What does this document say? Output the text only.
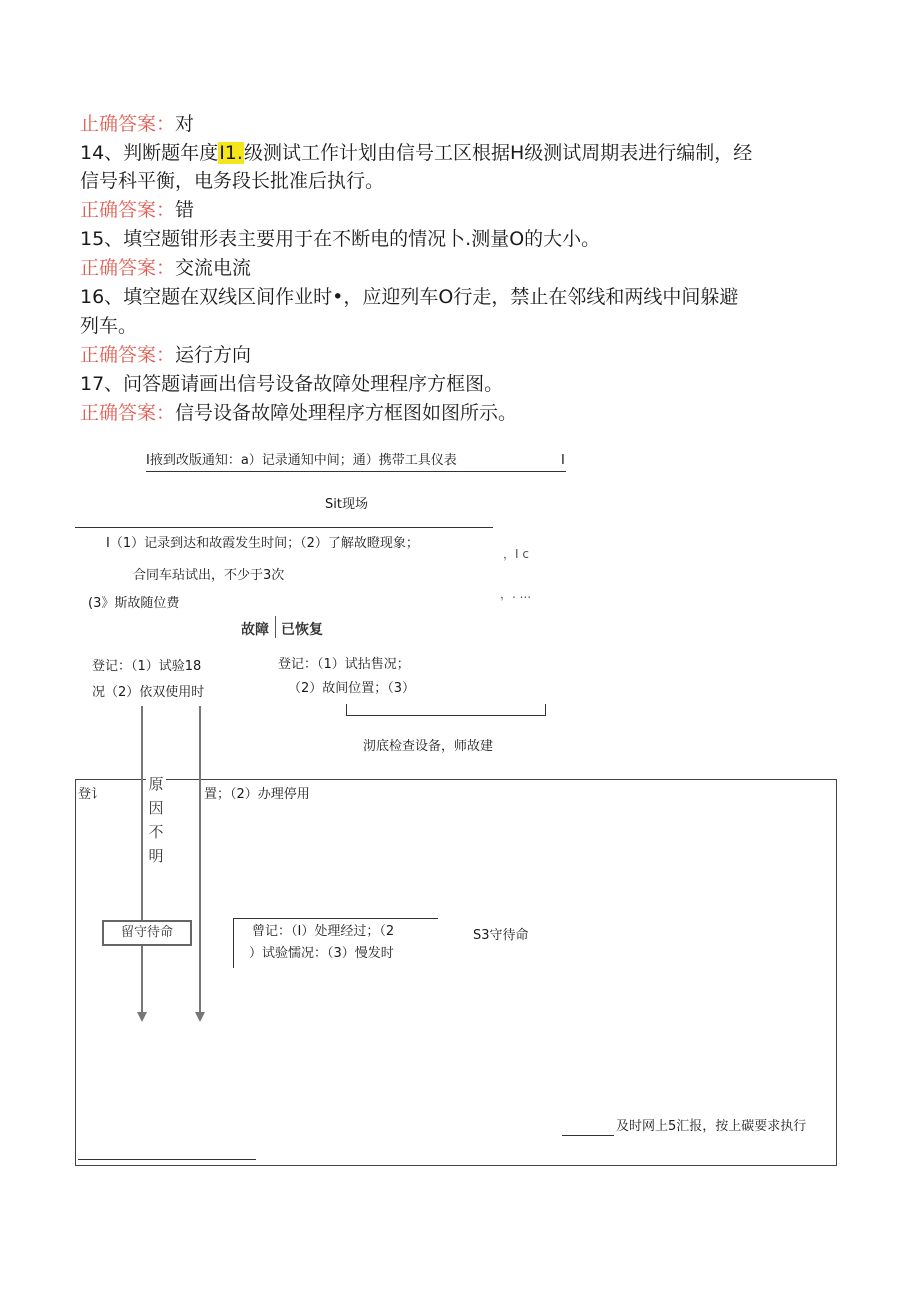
止确答案：对
14、判断题年度I1.级测试工作计划由信号工区根据H级测试周期表进行编制，经
信号科平衡，电务段长批准后执行。
正确答案：错
15、填空题钳形表主要用于在不断电的情况卜.测量O的大小。
正确答案：交流电流
16、填空题在双线区间作业时•，应迎列车O行走，禁止在邻线和两线中间躲避
列车。
正确答案：运行方向
17、问答题请画出信号设备故障处理程序方框图。
正确答案：信号设备故障处理程序方框图如图所示。
I掖到改版通知：a）记录通知中间；通）携带工具仪表	I
Sit现场
I（1）记录到达和故霞发生时间；（2）了解故瞪现象；
合同车玷试出，不少于3次
(3》斯故随位费
，I c
，. ...
故障 已恢复
登记：（1）试验18
况（2）依双使用时
登记：（1）试拈售况；
（2）故间位置；（3）
沏底检查设备，师故建
登讠	置；（2）办理停用
原
因
不
明
留守待命	曾记：（I）处理经过；（2
）试验懦况：（3）慢发时
S3守待命
及时网上5汇报，按上碳要求执行
